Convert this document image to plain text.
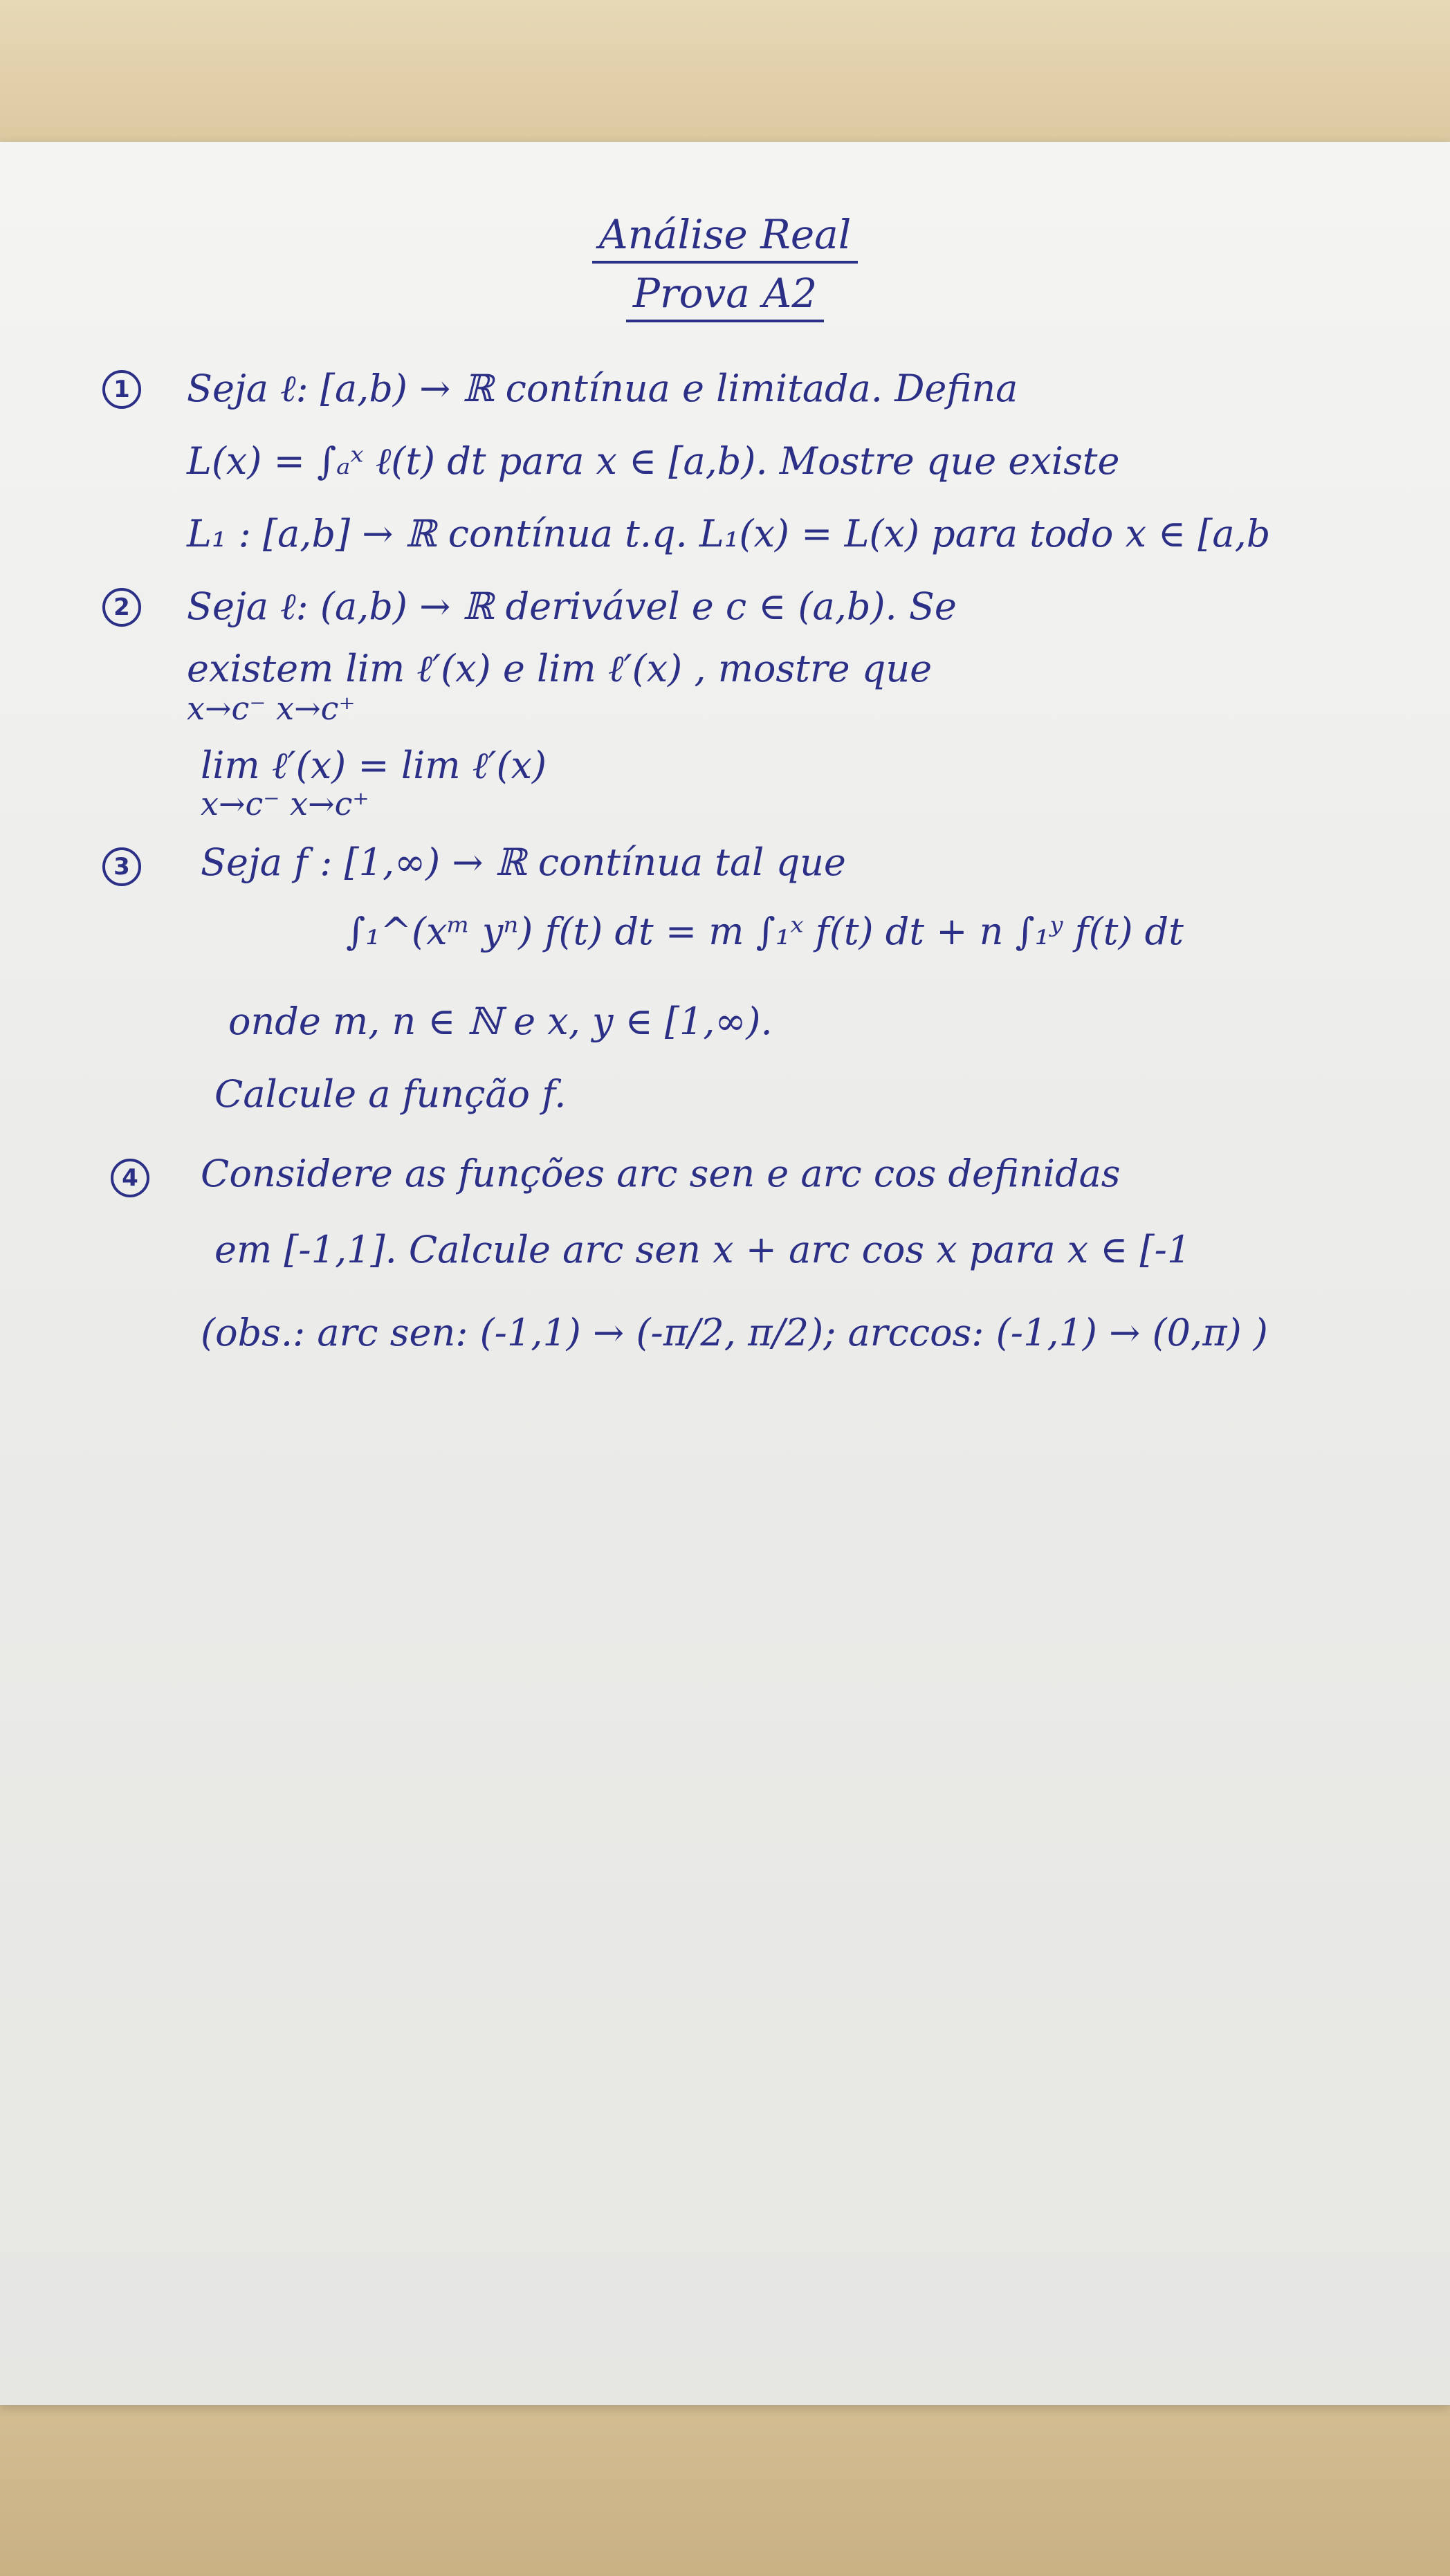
Análise Real
Prova A2
1 Seja ℓ: [a,b) → ℝ contínua e limitada. Defina
L(x) = ∫ₐˣ ℓ(t) dt para x ∈ [a,b). Mostre que existe
L₁ : [a,b] → ℝ contínua t.q. L₁(x) = L(x) para todo x ∈ [a,b
2 Seja ℓ: (a,b) → ℝ derivável e c ∈ (a,b). Se
existem lim ℓ′(x) e lim ℓ′(x) , mostre que
x→c⁻ x→c⁺
lim ℓ′(x) = lim ℓ′(x)
x→c⁻ x→c⁺
3 Seja f : [1,∞) → ℝ contínua tal que
∫₁^(xᵐ yⁿ) f(t) dt = m ∫₁ˣ f(t) dt + n ∫₁ʸ f(t) dt
onde m, n ∈ ℕ e x, y ∈ [1,∞).
Calcule a função f.
4 Considere as funções arc sen e arc cos definidas
em [-1,1]. Calcule arc sen x + arc cos x para x ∈ [-1
(obs.: arc sen: (-1,1) → (-π/2, π/2); arccos: (-1,1) → (0,π) )
